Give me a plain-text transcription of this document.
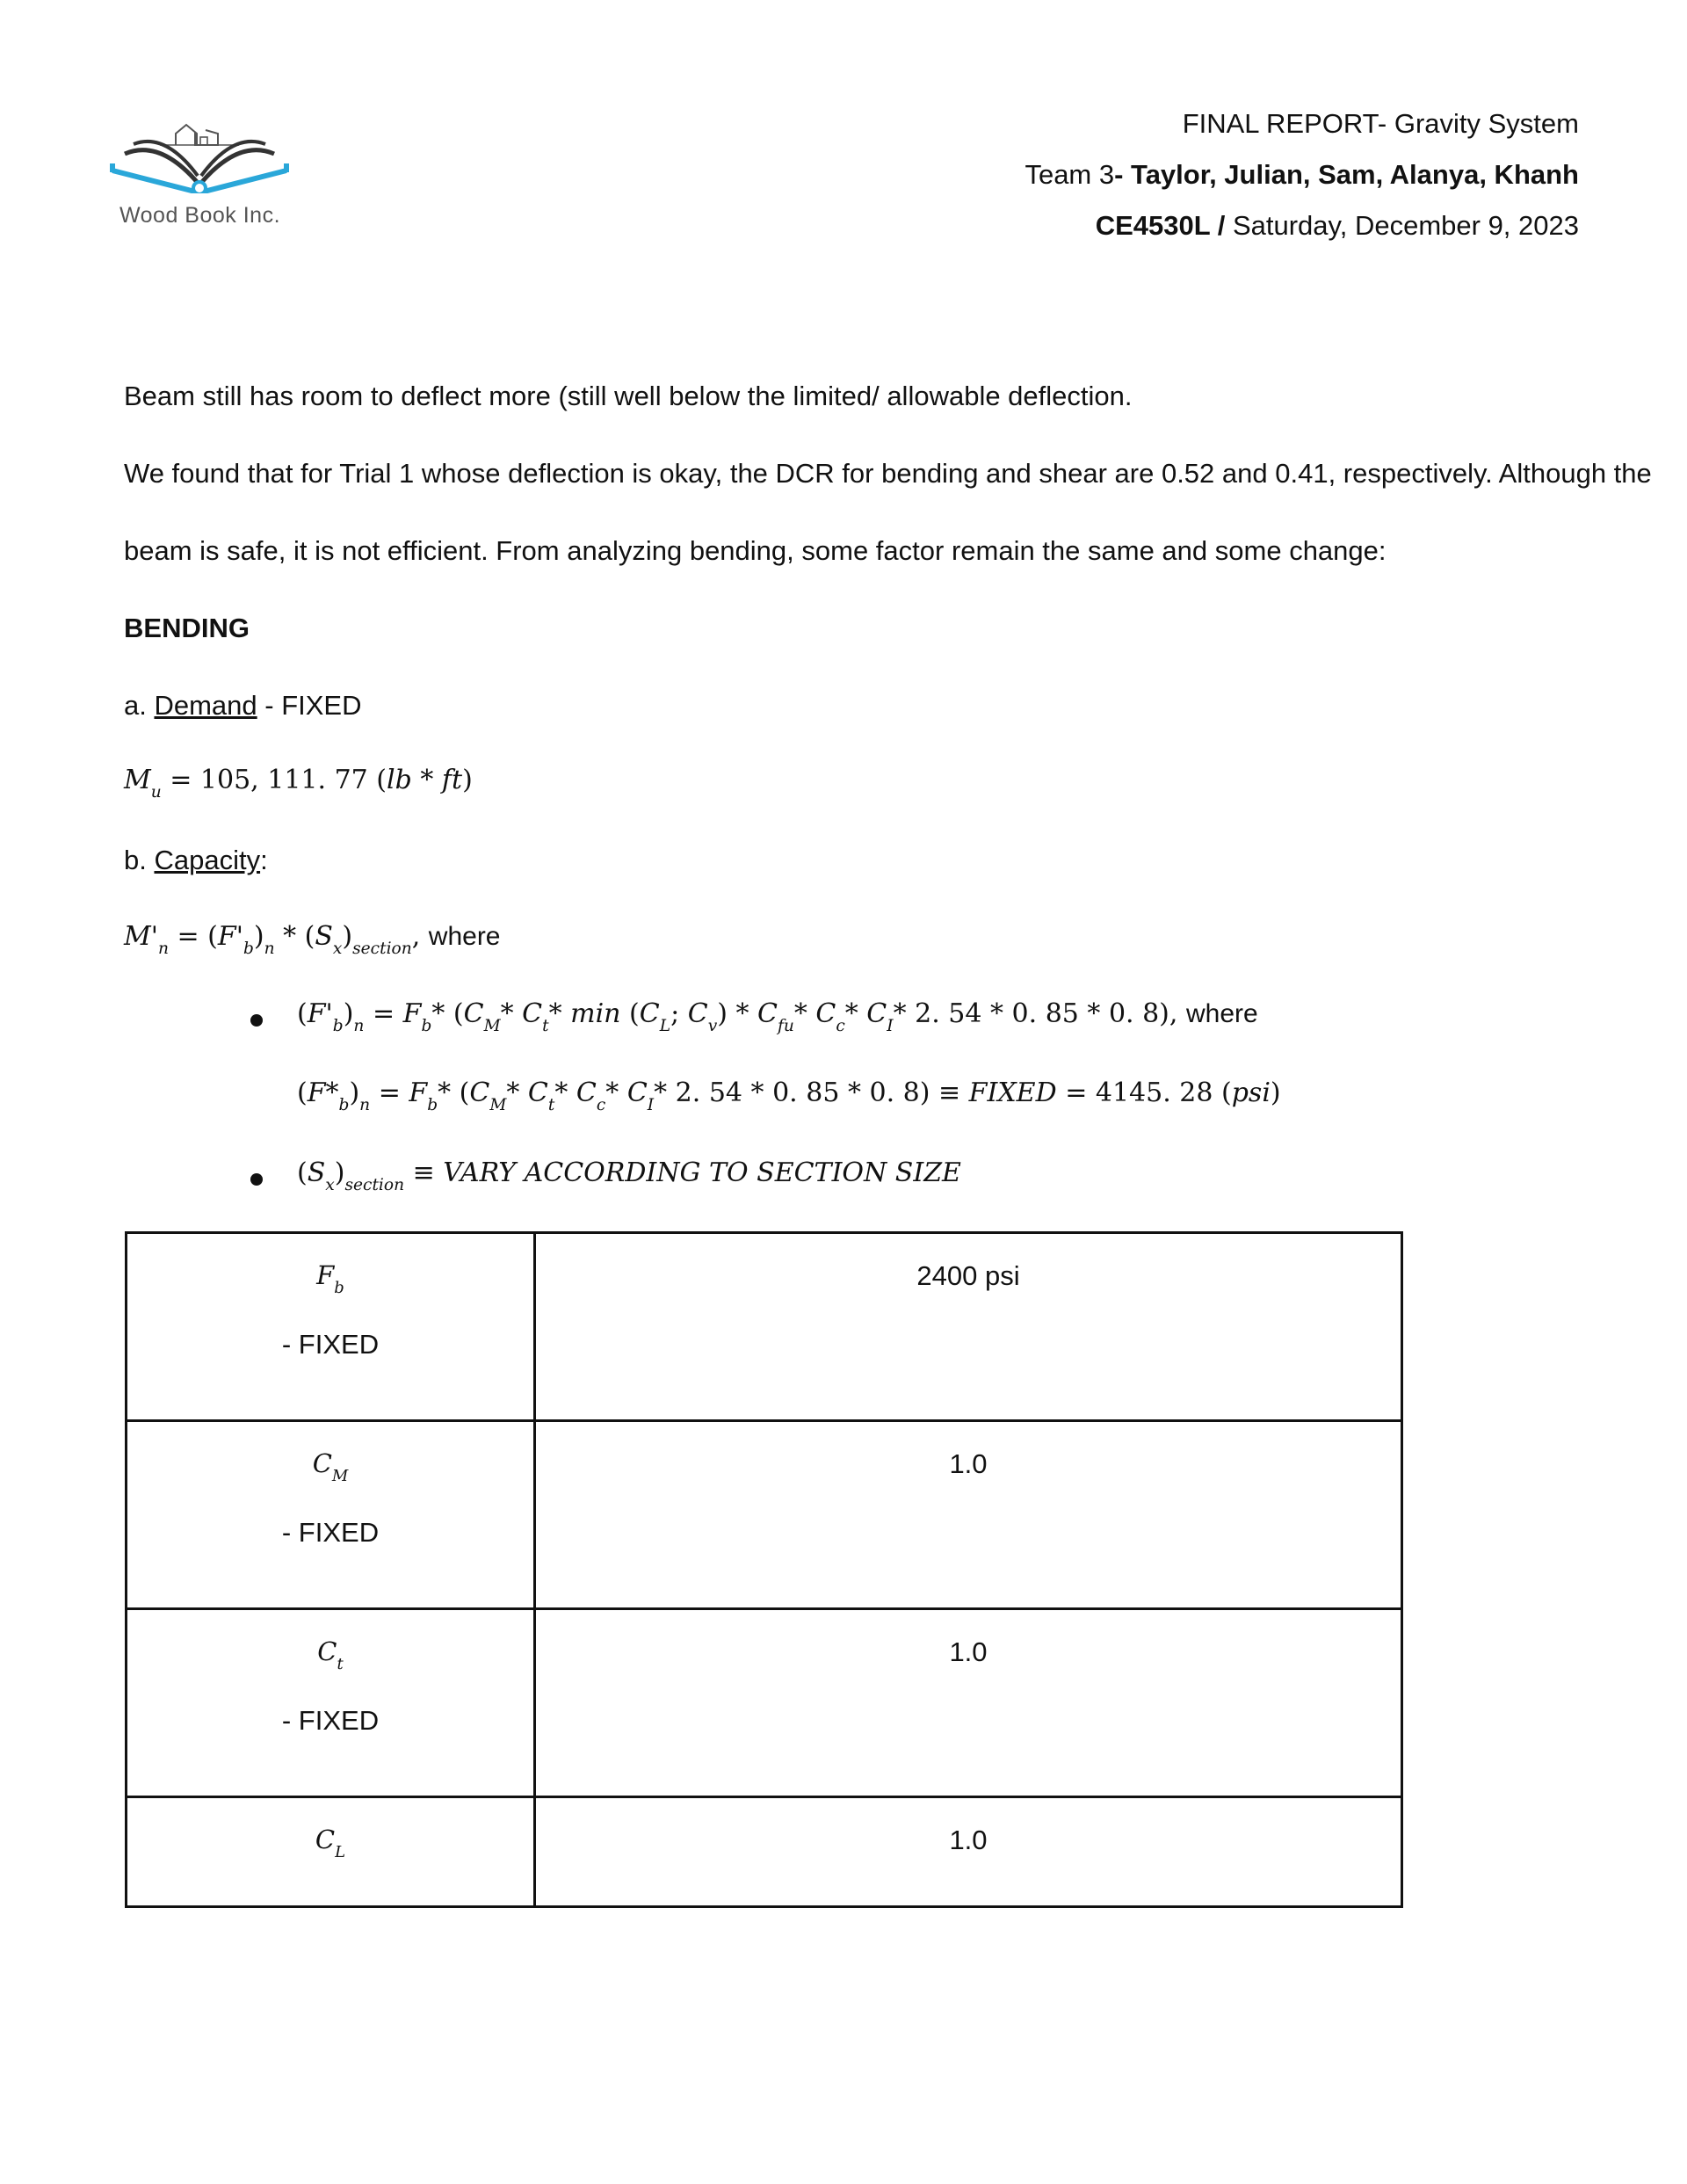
Wood Book Inc.
FINAL REPORT- Gravity System
Team 3- Taylor, Julian, Sam, Alanya, Khanh
CE4530L / Saturday, December 9, 2023
Beam still has room to deflect more (still well below the limited/ allowable deflection.
We found that for Trial 1 whose deflection is okay, the DCR for bending and shear are 0.52 and 0.41, respectively. Although the
beam is safe, it is not efficient. From analyzing bending, some factor remain the same and some change:
BENDING
a. Demand - FIXED
$M_u = 105$, 111. 77 (lb * ft)
b. Capacity:
$M'_n = (F'_b)_n * (S_x)_{section}$, where
$(F'_b)_n = F_b*$ ($C_M*$ $C_t*$ $\min (C_L$; $C_v) * C_{fu}*$ $C_c*$ $C_I*$ 2. 54 * 0. 85 * 0. 8), where
$(F*_b)_n = F_b*$ ($C_M*$ $C_t*$ $C_c*$ $C_I*$ 2. 54 * 0. 85 * 0. 8) ≡ FIXED = 4145. 28 (psi)
$(S_x)_{section}$ ≡ VARY ACCORDING TO SECTION SIZE
$F_b$
- FIXED	2400 psi

$C_M$
- FIXED	1.0

$C_t$
- FIXED	1.0

$C_L$	1.0
